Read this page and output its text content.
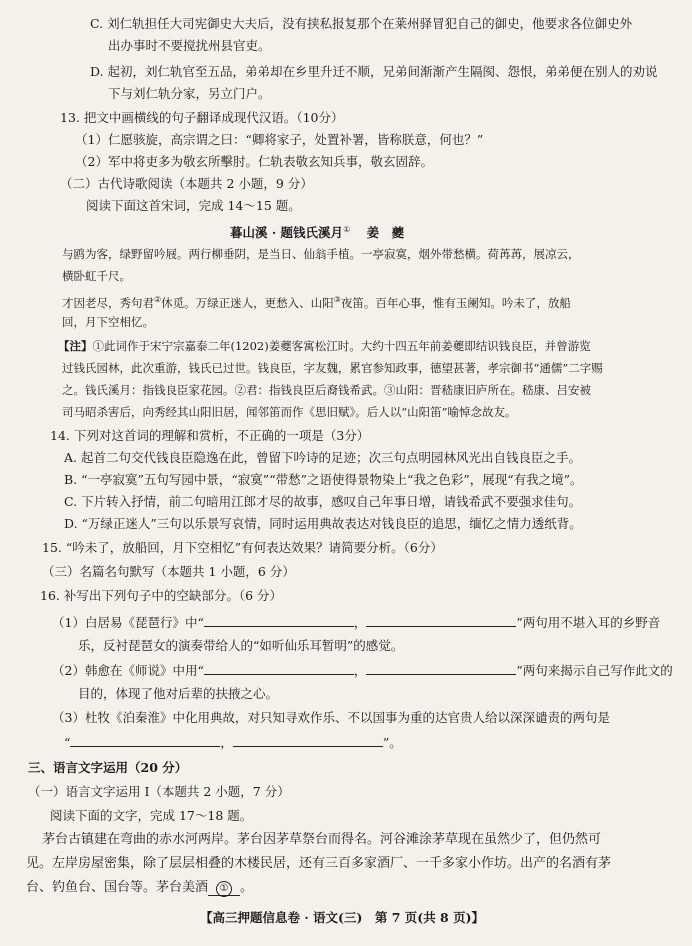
C. 刘仁轨担任大司宪御史大夫后，没有挟私报复那个在莱州驿冒犯自己的御史，他要求各位御史外
出办事时不要搅扰州县官吏。
D. 起初，刘仁轨官至五品，弟弟却在乡里升迁不顺，兄弟间渐渐产生隔阂、怨恨，弟弟便在别人的劝说
下与刘仁轨分家，另立门户。
13. 把文中画横线的句子翻译成现代汉语。（10分）
（1）仁愿骇旋，高宗谓之曰：“卿将家子，处置补署，皆称朕意，何也？”
（2）军中将吏多为敬玄所擊肘。仁轨表敬玄知兵事，敬玄固辞。
（二）古代诗歌阅读（本题共 2 小题，9 分）
阅读下面这首宋词，完成 14～15 题。
暮山溪 · 题钱氏溪月① 姜　夔
与鸥为客，绿野留吟屐。两行柳垂阴，是当日、仙翁手植。一亭寂寞，烟外带愁横。荷苒苒，展凉云，
横卧虹千尺。
才因老尽，秀句君②休觅。万绿正迷人，更愁入、山阳③夜笛。百年心事，惟有玉阑知。吟未了，放船
回，月下空相忆。
【注】①此词作于宋宁宗嘉泰二年(1202)姜夔客寓松江时。大约十四五年前姜夔即结识钱良臣，并曾游览
过钱氏园林，此次重游，钱氏已过世。钱良臣，字友魏，累官参知政事，德望甚著，孝宗御书“通儒”二字赐
之。钱氏溪月：指钱良臣家花园。②君：指钱良臣后裔钱希武。③山阳：晋嵇康旧庐所在。嵇康、吕安被
司马昭杀害后，向秀经其山阳旧居，闻邻笛而作《思旧赋》。后人以“山阳笛”喻悼念故友。
14. 下列对这首词的理解和赏析，不正确的一项是（3分）
A. 起首二句交代钱良臣隐逸在此，曾留下吟诗的足迹；次三句点明园林风光出自钱良臣之手。
B. “一亭寂寞”五句写园中景，“寂寞”“带愁”之语使得景物染上“我之色彩”，展现“有我之境”。
C. 下片转入抒情，前二句暗用江郎才尽的故事，感叹自己年事日增，请钱希武不要强求佳句。
D. “万绿正迷人”三句以乐景写哀情，同时运用典故表达对钱良臣的追思，缅忆之情力透纸背。
15. “吟未了，放船回，月下空相忆”有何表达效果？请简要分析。（6分）
（三）名篇名句默写（本题共 1 小题，6 分）
16. 补写出下列句子中的空缺部分。（6 分）
（1）白居易《琵琶行》中“	，	”两句用不堪入耳的乡野音
乐，反衬琵琶女的演奏带给人的“如听仙乐耳暂明”的感觉。
（2）韩愈在《师说》中用“	，	”两句来揭示自己写作此文的
目的，体现了他对后辈的扶掖之心。
（3）杜牧《泊秦淮》中化用典故，对只知寻欢作乐、不以国事为重的达官贵人给以深深谴责的两句是
“	，	”。
三、语言文字运用（20 分）
（一）语言文字运用 Ⅰ（本题共 2 小题，7 分）
阅读下面的文字，完成 17～18 题。
茅台古镇建在弯曲的赤水河两岸。茅台因茅草祭台而得名。河谷滩涂茅草现在虽然少了，但仍然可
见。左岸房屋密集，除了层层相叠的木楼民居，还有三百多家酒厂、一千多家小作坊。出产的名酒有茅
台、钓鱼台、国台等。茅台美酒 ① 。
【高三押题信息卷 · 语文(三)　第 7 页(共 8 页)】
